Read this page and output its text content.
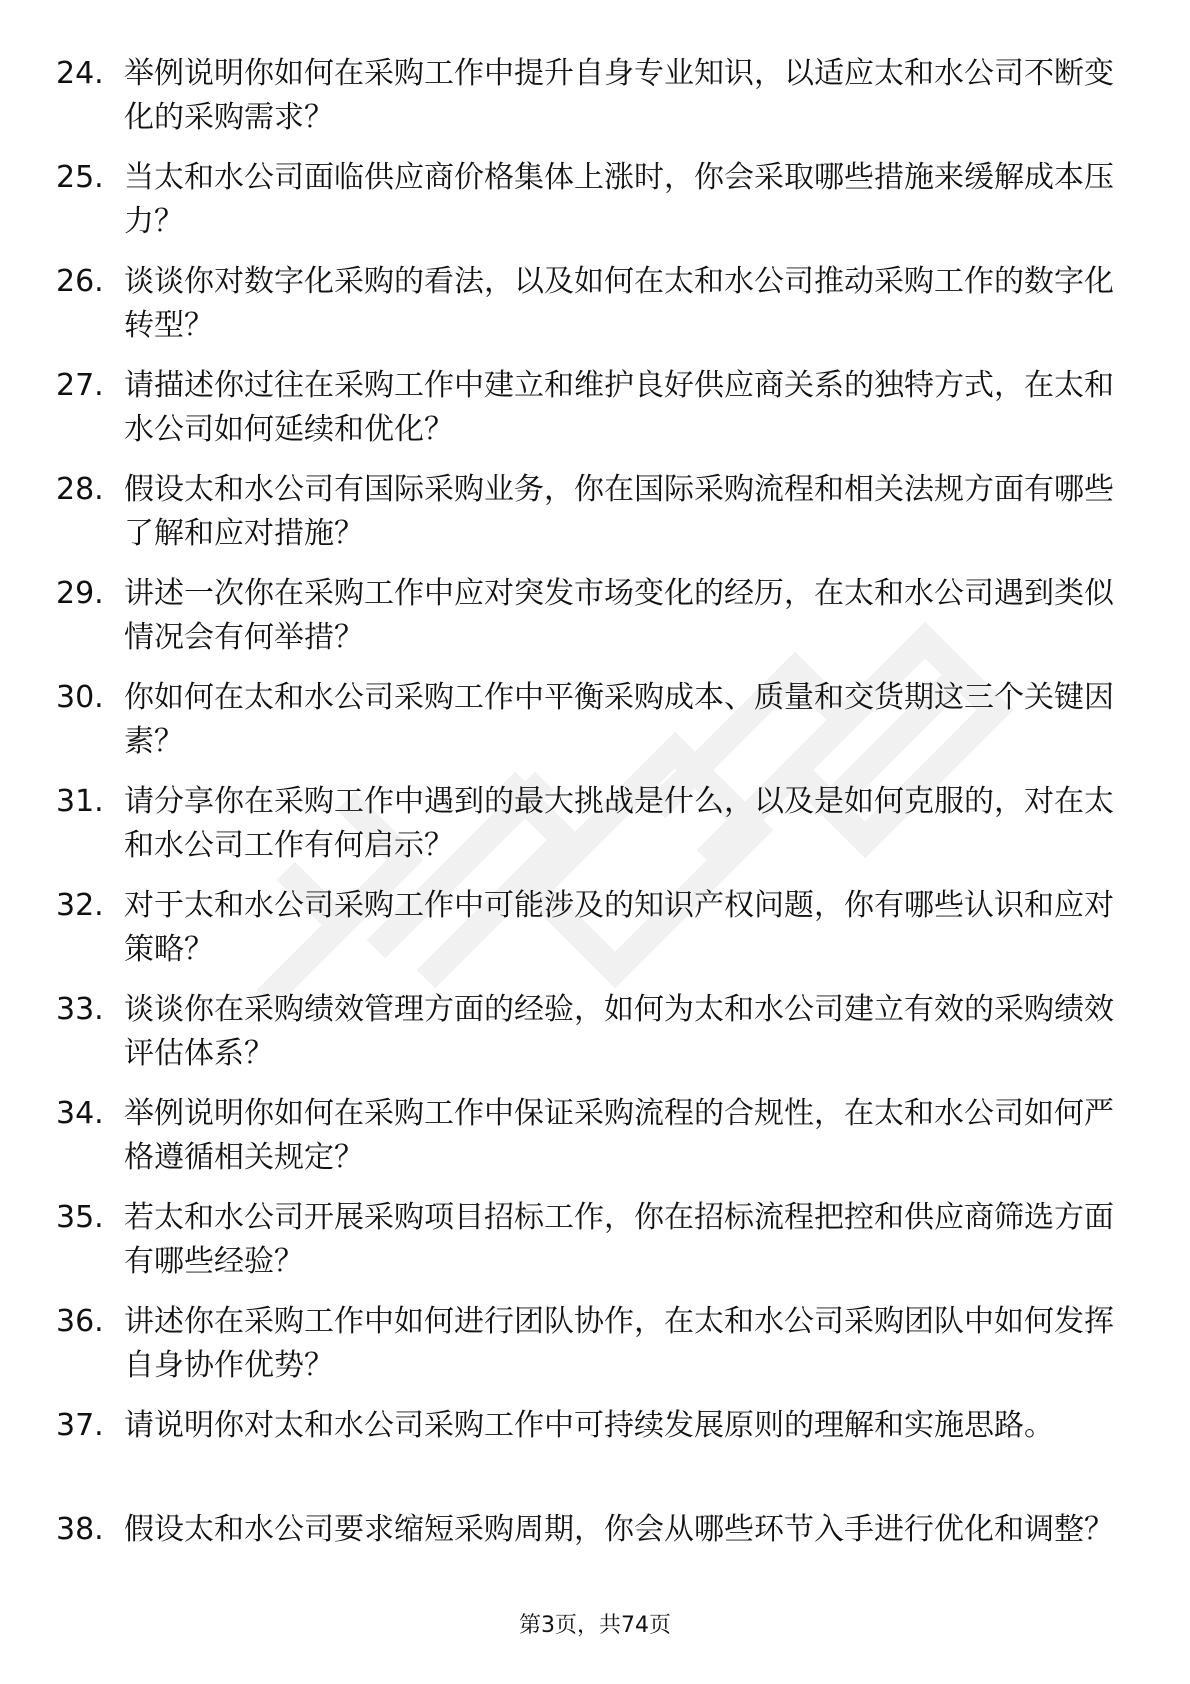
24. 举例说明你如何在采购工作中提升自身专业知识，以适应太和水公司不断变化的采购需求？
25. 当太和水公司面临供应商价格集体上涨时，你会采取哪些措施来缓解成本压力？
26. 谈谈你对数字化采购的看法，以及如何在太和水公司推动采购工作的数字化转型？
27. 请描述你过往在采购工作中建立和维护良好供应商关系的独特方式，在太和水公司如何延续和优化？
28. 假设太和水公司有国际采购业务，你在国际采购流程和相关法规方面有哪些了解和应对措施？
29. 讲述一次你在采购工作中应对突发市场变化的经历，在太和水公司遇到类似情况会有何举措？
30. 你如何在太和水公司采购工作中平衡采购成本、质量和交货期这三个关键因素？
31. 请分享你在采购工作中遇到的最大挑战是什么，以及是如何克服的，对在太和水公司工作有何启示？
32. 对于太和水公司采购工作中可能涉及的知识产权问题，你有哪些认识和应对策略？
33. 谈谈你在采购绩效管理方面的经验，如何为太和水公司建立有效的采购绩效评估体系？
34. 举例说明你如何在采购工作中保证采购流程的合规性，在太和水公司如何严格遵循相关规定？
35. 若太和水公司开展采购项目招标工作，你在招标流程把控和供应商筛选方面有哪些经验？
36. 讲述你在采购工作中如何进行团队协作，在太和水公司采购团队中如何发挥自身协作优势？
37. 请说明你对太和水公司采购工作中可持续发展原则的理解和实施思路。
38. 假设太和水公司要求缩短采购周期，你会从哪些环节入手进行优化和调整？
第3页，共74页
